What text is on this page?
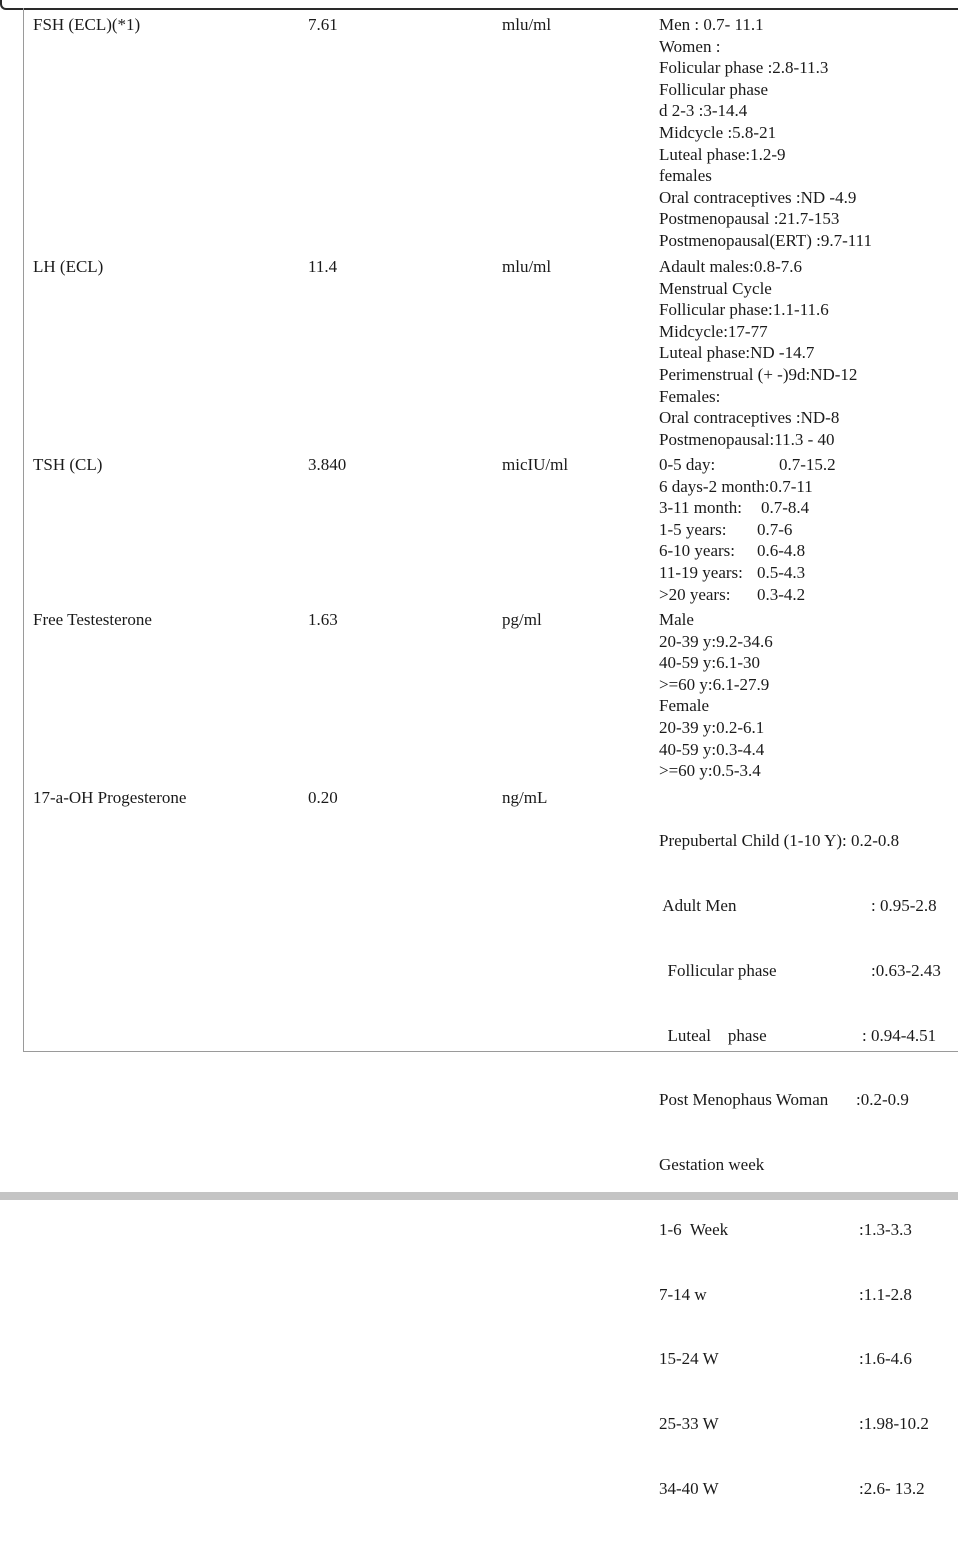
FSH (ECL)(*1)	7.61	mlu/ml	Men : 0.7- 11.1
Women :
Folicular phase :2.8-11.3
Follicular phase
d 2-3 :3-14.4
Midcycle :5.8-21
Luteal phase:1.2-9
females
Oral contraceptives :ND -4.9
Postmenopausal :21.7-153
Postmenopausal(ERT) :9.7-111
LH (ECL)	11.4	mlu/ml	Adault males:0.8-7.6
Menstrual Cycle
Follicular phase:1.1-11.6
Midcycle:17-77
Luteal phase:ND -14.7
Perimenstrual (+ -)9d:ND-12
Females:
Oral contraceptives :ND-8
Postmenopausal:11.3 - 40
TSH (CL)	3.840	micIU/ml	0-5 day:	0.7-15.2
6 days-2 month:0.7-11
3-11 month: 0.7-8.4
1-5 years: 0.7-6
6-10 years: 0.6-4.8
11-19 years: 0.5-4.3
>20 years: 0.3-4.2
Free Testesterone	1.63	pg/ml	Male
20-39 y:9.2-34.6
40-59 y:6.1-30
>=60 y:6.1-27.9
Female
20-39 y:0.2-6.1
40-59 y:0.3-4.4
>=60 y:0.5-3.4
17-a-OH Progesterone	0.20	ng/mL

Prepubertal Child (1-10 Y): 0.2-0.8

Adult Men	: 0.95-2.8

Follicular phase	:0.63-2.43

Luteal    phase	: 0.94-4.51

Post Menophaus Woman :0.2-0.9

Gestation week

1-6  Week	:1.3-3.3

7-14 w	:1.1-2.8

15-24 W	:1.6-4.6

25-33 W	:1.98-10.2

34-40 W	:2.6- 13.2
